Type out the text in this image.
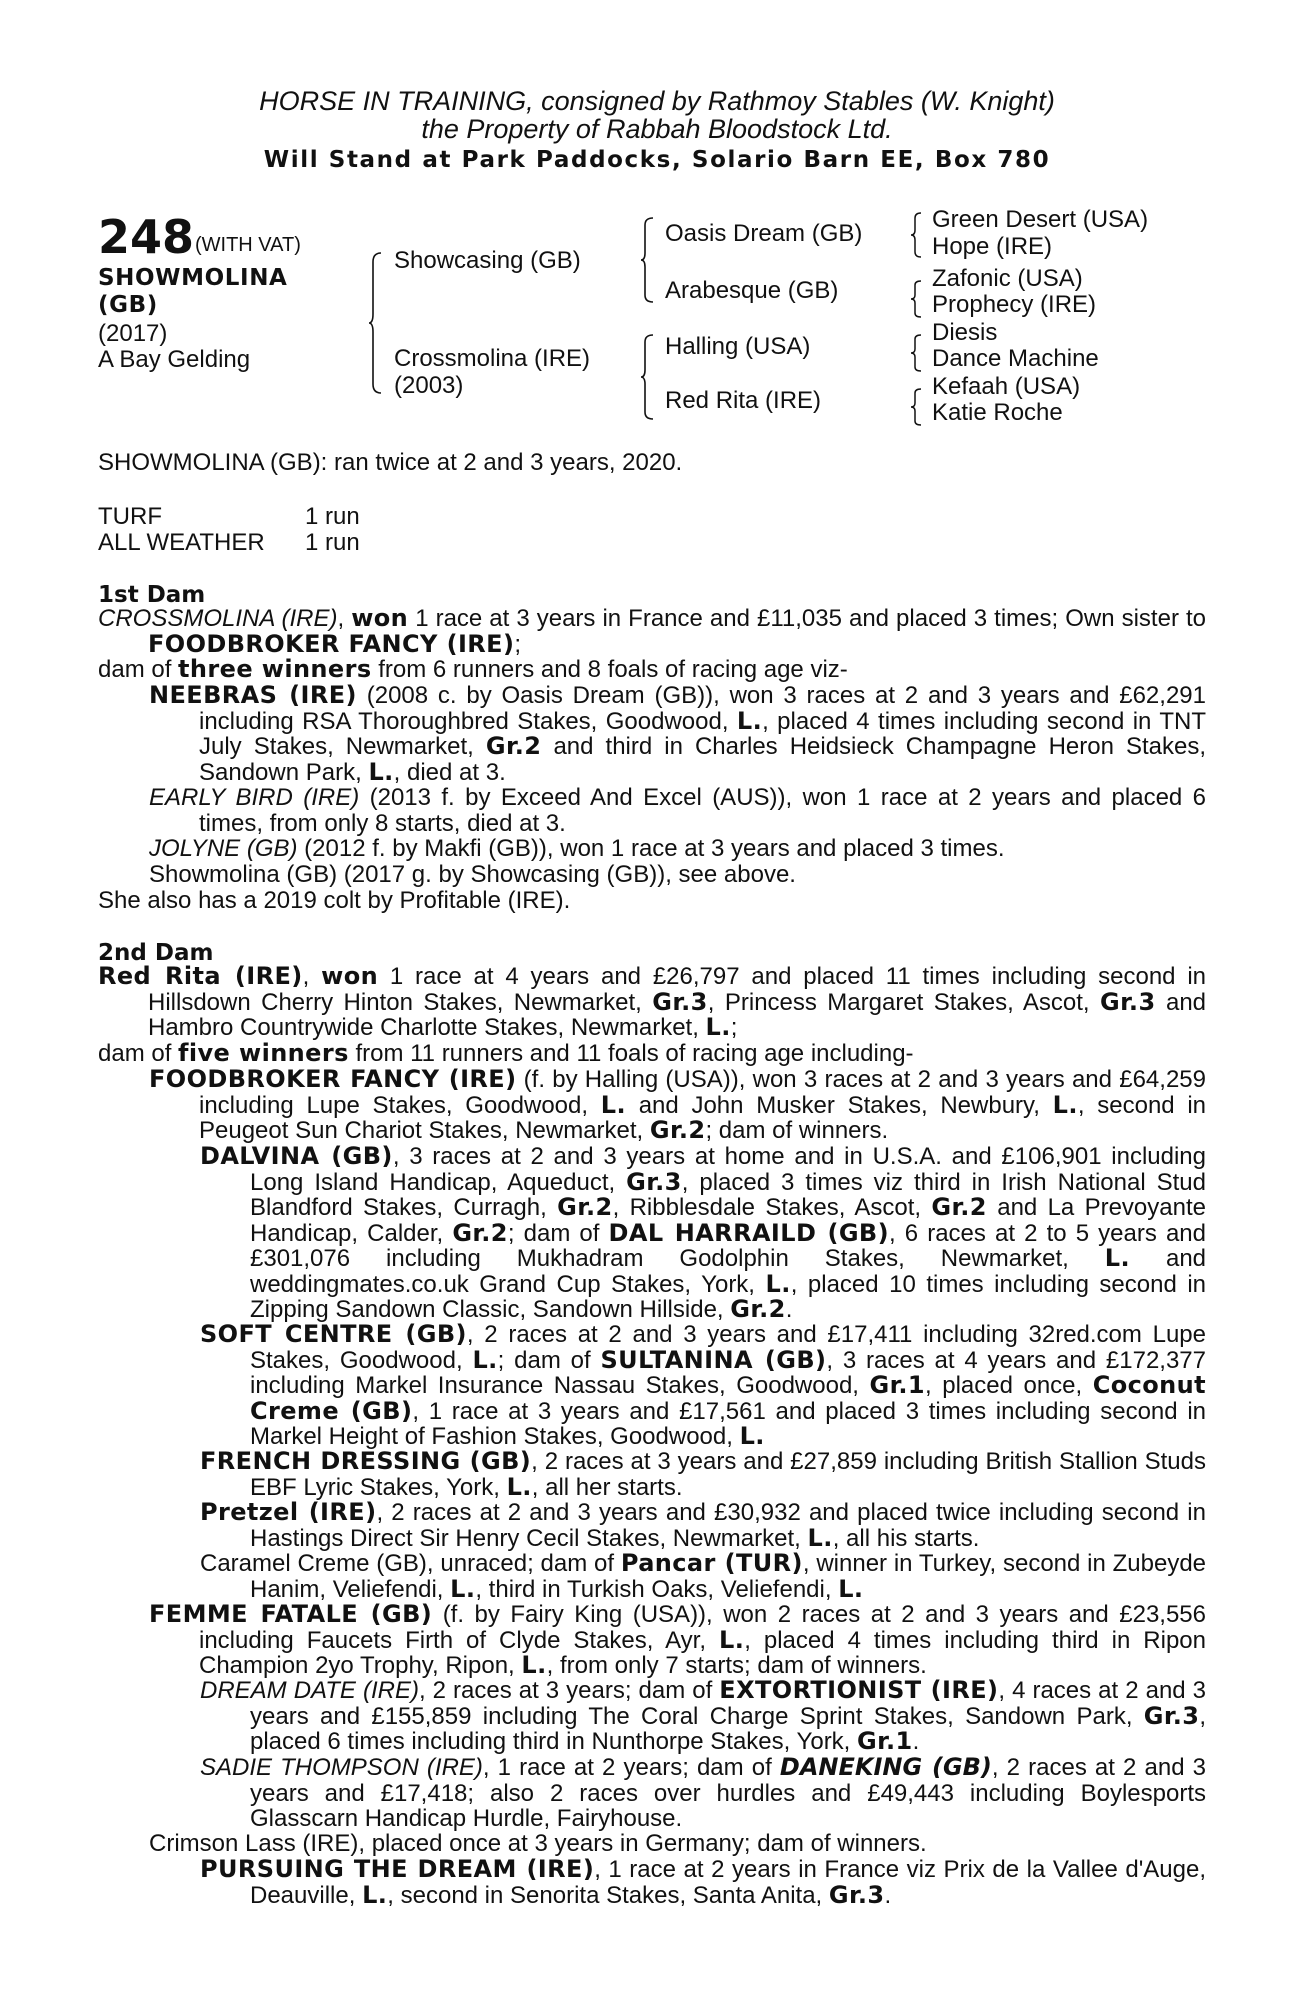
HORSE IN TRAINING, consigned by Rathmoy Stables (W. Knight)
the Property of Rabbah Bloodstock Ltd.
Will Stand at Park Paddocks, Solario Barn EE, Box 780
248 (WITH VAT)
SHOWMOLINA (GB)
(2017)
A Bay Gelding
Showcasing (GB)
Crossmolina (IRE)
(2003)
Oasis Dream (GB)
Arabesque (GB)
Halling (USA)
Red Rita (IRE)
Green Desert (USA)
Hope (IRE)
Zafonic (USA)
Prophecy (IRE)
Diesis
Dance Machine
Kefaah (USA)
Katie Roche
SHOWMOLINA (GB): ran twice at 2 and 3 years, 2020.
TURF	1 run
ALL WEATHER 1 run
1st Dam
CROSSMOLINA (IRE), won 1 race at 3 years in France and £11,035 and placed 3 times; Own sister to FOODBROKER FANCY (IRE);
dam of three winners from 6 runners and 8 foals of racing age viz-
NEEBRAS (IRE) (2008 c. by Oasis Dream (GB)), won 3 races at 2 and 3 years and £62,291 including RSA Thoroughbred Stakes, Goodwood, L., placed 4 times including second in TNT July Stakes, Newmarket, Gr.2 and third in Charles Heidsieck Champagne Heron Stakes, Sandown Park, L., died at 3.
EARLY BIRD (IRE) (2013 f. by Exceed And Excel (AUS)), won 1 race at 2 years and placed 6 times, from only 8 starts, died at 3.
JOLYNE (GB) (2012 f. by Makfi (GB)), won 1 race at 3 years and placed 3 times.
Showmolina (GB) (2017 g. by Showcasing (GB)), see above.
She also has a 2019 colt by Profitable (IRE).
2nd Dam
Red Rita (IRE), won 1 race at 4 years and £26,797 and placed 11 times including second in Hillsdown Cherry Hinton Stakes, Newmarket, Gr.3, Princess Margaret Stakes, Ascot, Gr.3 and Hambro Countrywide Charlotte Stakes, Newmarket, L.;
dam of five winners from 11 runners and 11 foals of racing age including-
FOODBROKER FANCY (IRE) (f. by Halling (USA)), won 3 races at 2 and 3 years and £64,259 including Lupe Stakes, Goodwood, L. and John Musker Stakes, Newbury, L., second in Peugeot Sun Chariot Stakes, Newmarket, Gr.2; dam of winners.
DALVINA (GB), 3 races at 2 and 3 years at home and in U.S.A. and £106,901 including Long Island Handicap, Aqueduct, Gr.3, placed 3 times viz third in Irish National Stud Blandford Stakes, Curragh, Gr.2, Ribblesdale Stakes, Ascot, Gr.2 and La Prevoyante Handicap, Calder, Gr.2; dam of DAL HARRAILD (GB), 6 races at 2 to 5 years and £301,076 including Mukhadram Godolphin Stakes, Newmarket, L. and weddingmates.co.uk Grand Cup Stakes, York, L., placed 10 times including second in Zipping Sandown Classic, Sandown Hillside, Gr.2.
SOFT CENTRE (GB), 2 races at 2 and 3 years and £17,411 including 32red.com Lupe Stakes, Goodwood, L.; dam of SULTANINA (GB), 3 races at 4 years and £172,377 including Markel Insurance Nassau Stakes, Goodwood, Gr.1, placed once, Coconut Creme (GB), 1 race at 3 years and £17,561 and placed 3 times including second in Markel Height of Fashion Stakes, Goodwood, L.
FRENCH DRESSING (GB), 2 races at 3 years and £27,859 including British Stallion Studs EBF Lyric Stakes, York, L., all her starts.
Pretzel (IRE), 2 races at 2 and 3 years and £30,932 and placed twice including second in Hastings Direct Sir Henry Cecil Stakes, Newmarket, L., all his starts.
Caramel Creme (GB), unraced; dam of Pancar (TUR), winner in Turkey, second in Zubeyde Hanim, Veliefendi, L., third in Turkish Oaks, Veliefendi, L.
FEMME FATALE (GB) (f. by Fairy King (USA)), won 2 races at 2 and 3 years and £23,556 including Faucets Firth of Clyde Stakes, Ayr, L., placed 4 times including third in Ripon Champion 2yo Trophy, Ripon, L., from only 7 starts; dam of winners.
DREAM DATE (IRE), 2 races at 3 years; dam of EXTORTIONIST (IRE), 4 races at 2 and 3 years and £155,859 including The Coral Charge Sprint Stakes, Sandown Park, Gr.3, placed 6 times including third in Nunthorpe Stakes, York, Gr.1.
SADIE THOMPSON (IRE), 1 race at 2 years; dam of DANEKING (GB), 2 races at 2 and 3 years and £17,418; also 2 races over hurdles and £49,443 including Boylesports Glasscarn Handicap Hurdle, Fairyhouse.
Crimson Lass (IRE), placed once at 3 years in Germany; dam of winners.
PURSUING THE DREAM (IRE), 1 race at 2 years in France viz Prix de la Vallee d'Auge, Deauville, L., second in Senorita Stakes, Santa Anita, Gr.3.
